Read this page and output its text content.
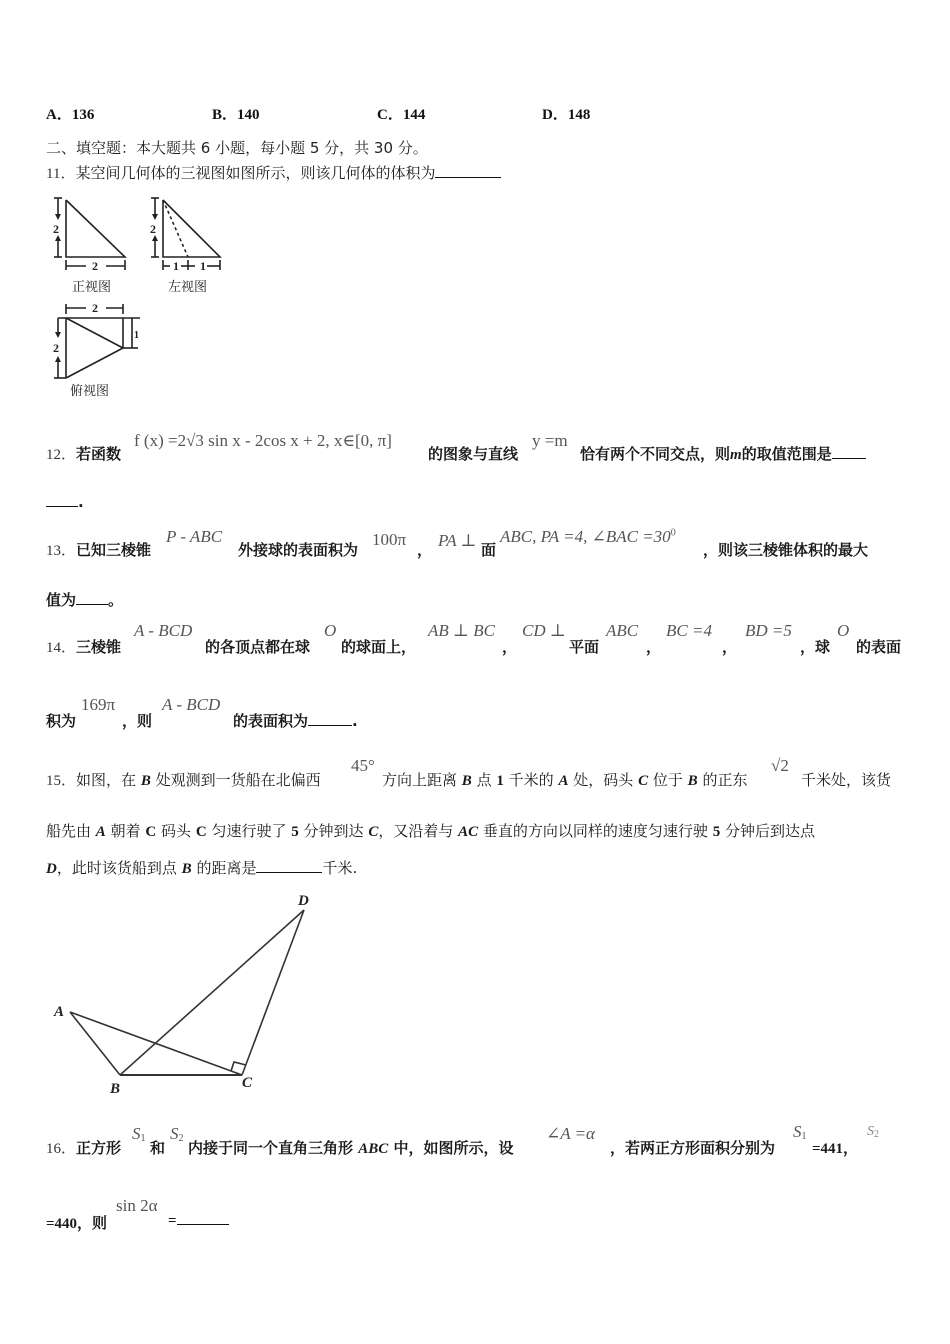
A．136	B．140	C．144	D．148
二、填空题：本大题共 6 小题，每小题 5 分，共 30 分。
11．某空间几何体的三视图如图所示，则该几何体的体积为
2
2
2
1 1
2
2
1
正视图	左视图
俯视图
12．若函数
f (x) =2√3 sin x - 2cos x + 2, x∈[0, π]
的图象与直线
y =m
恰有两个不同交点，则m的取值范围是
.
13．已知三棱锥
P - ABC
外接球的表面积为
100π
， PA ⊥ 面
ABC, PA =4, ∠BAC $=30^0$
，则该三棱锥体积的最大
值为 。
14．三棱锥
A - BCD
的各顶点都在球
O
的球面上，
AB ⊥ BC
，
CD ⊥
平面
ABC
，
BC =4
，
BD =5
，球
O
的表面
积为
169π
，则
A - BCD
的表面积为	.
15．如图，在 B 处观测到一货船在北偏西
45°
方向上距离 B 点 1 千米的 A 处，码头 C 位于 B 的正东
√2
千米处，该货
船先由 A 朝着 C 码头 C 匀速行驶了 5 分钟到达 C，又沿着与 AC 垂直的方向以同样的速度匀速行驶 5 分钟后到达点
D，此时该货船到点 B 的距离是	千米.
A
B	C
D
16．正方形
$S_1$
和
$S_2$
内接于同一个直角三角形 ABC 中，如图所示，设
∠A =α
，若两正方形面积分别为
$S_1$
=441，
$S_2$
=440，则
sin 2α
=
